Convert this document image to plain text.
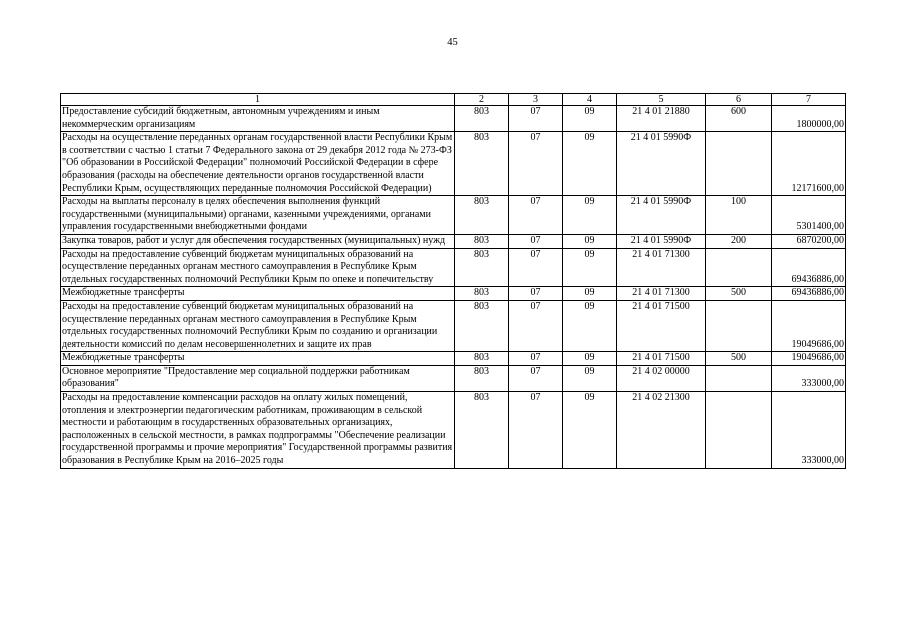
45
1	2	3	4	5	6	7
Предоставление субсидий бюджетным, автономным учреждениям и иным некоммерческим организациям	803	07	09	21 4 01 21880	600	1800000,00
Расходы на осуществление переданных органам государственной власти Республики Крым в соответствии с частью 1 статьи 7 Федерального закона от 29 декабря 2012 года № 273-ФЗ "Об образовании в Российской Федерации" полномочий Российской Федерации в сфере образования (расходы на обеспечение деятельности органов государственной власти Республики Крым, осуществляющих переданные полномочия Российской Федерации)	803	07	09	21 4 01 5990Ф		12171600,00
Расходы на выплаты персоналу в целях обеспечения выполнения функций государственными (муниципальными) органами, казенными учреждениями, органами управления государственными внебюджетными фондами	803	07	09	21 4 01 5990Ф	100	5301400,00
Закупка товаров, работ и услуг для обеспечения государственных (муниципальных) нужд	803	07	09	21 4 01 5990Ф	200	6870200,00
Расходы на предоставление субвенций бюджетам муниципальных образований на осуществление переданных органам местного самоуправления в Республике Крым отдельных государственных полномочий Республики Крым по опеке и попечительству	803	07	09	21 4 01 71300		69436886,00
Межбюджетные трансферты	803	07	09	21 4 01 71300	500	69436886,00
Расходы на предоставление субвенций бюджетам муниципальных образований на осуществление переданных органам местного самоуправления в Республике Крым отдельных государственных полномочий Республики Крым по созданию и организации деятельности комиссий по делам несовершеннолетних и защите их прав	803	07	09	21 4 01 71500		19049686,00
Межбюджетные трансферты	803	07	09	21 4 01 71500	500	19049686,00
Основное мероприятие "Предоставление мер социальной поддержки работникам образования"	803	07	09	21 4 02 00000		333000,00
Расходы на предоставление компенсации расходов на оплату жилых помещений, отопления и электроэнергии педагогическим работникам, проживающим в сельской местности и работающим в государственных образовательных организациях, расположенных в сельской местности, в рамках подпрограммы "Обеспечение реализации государственной программы и прочие мероприятия" Государственной программы развития образования в Республике Крым на 2016–2025 годы	803	07	09	21 4 02 21300		333000,00
